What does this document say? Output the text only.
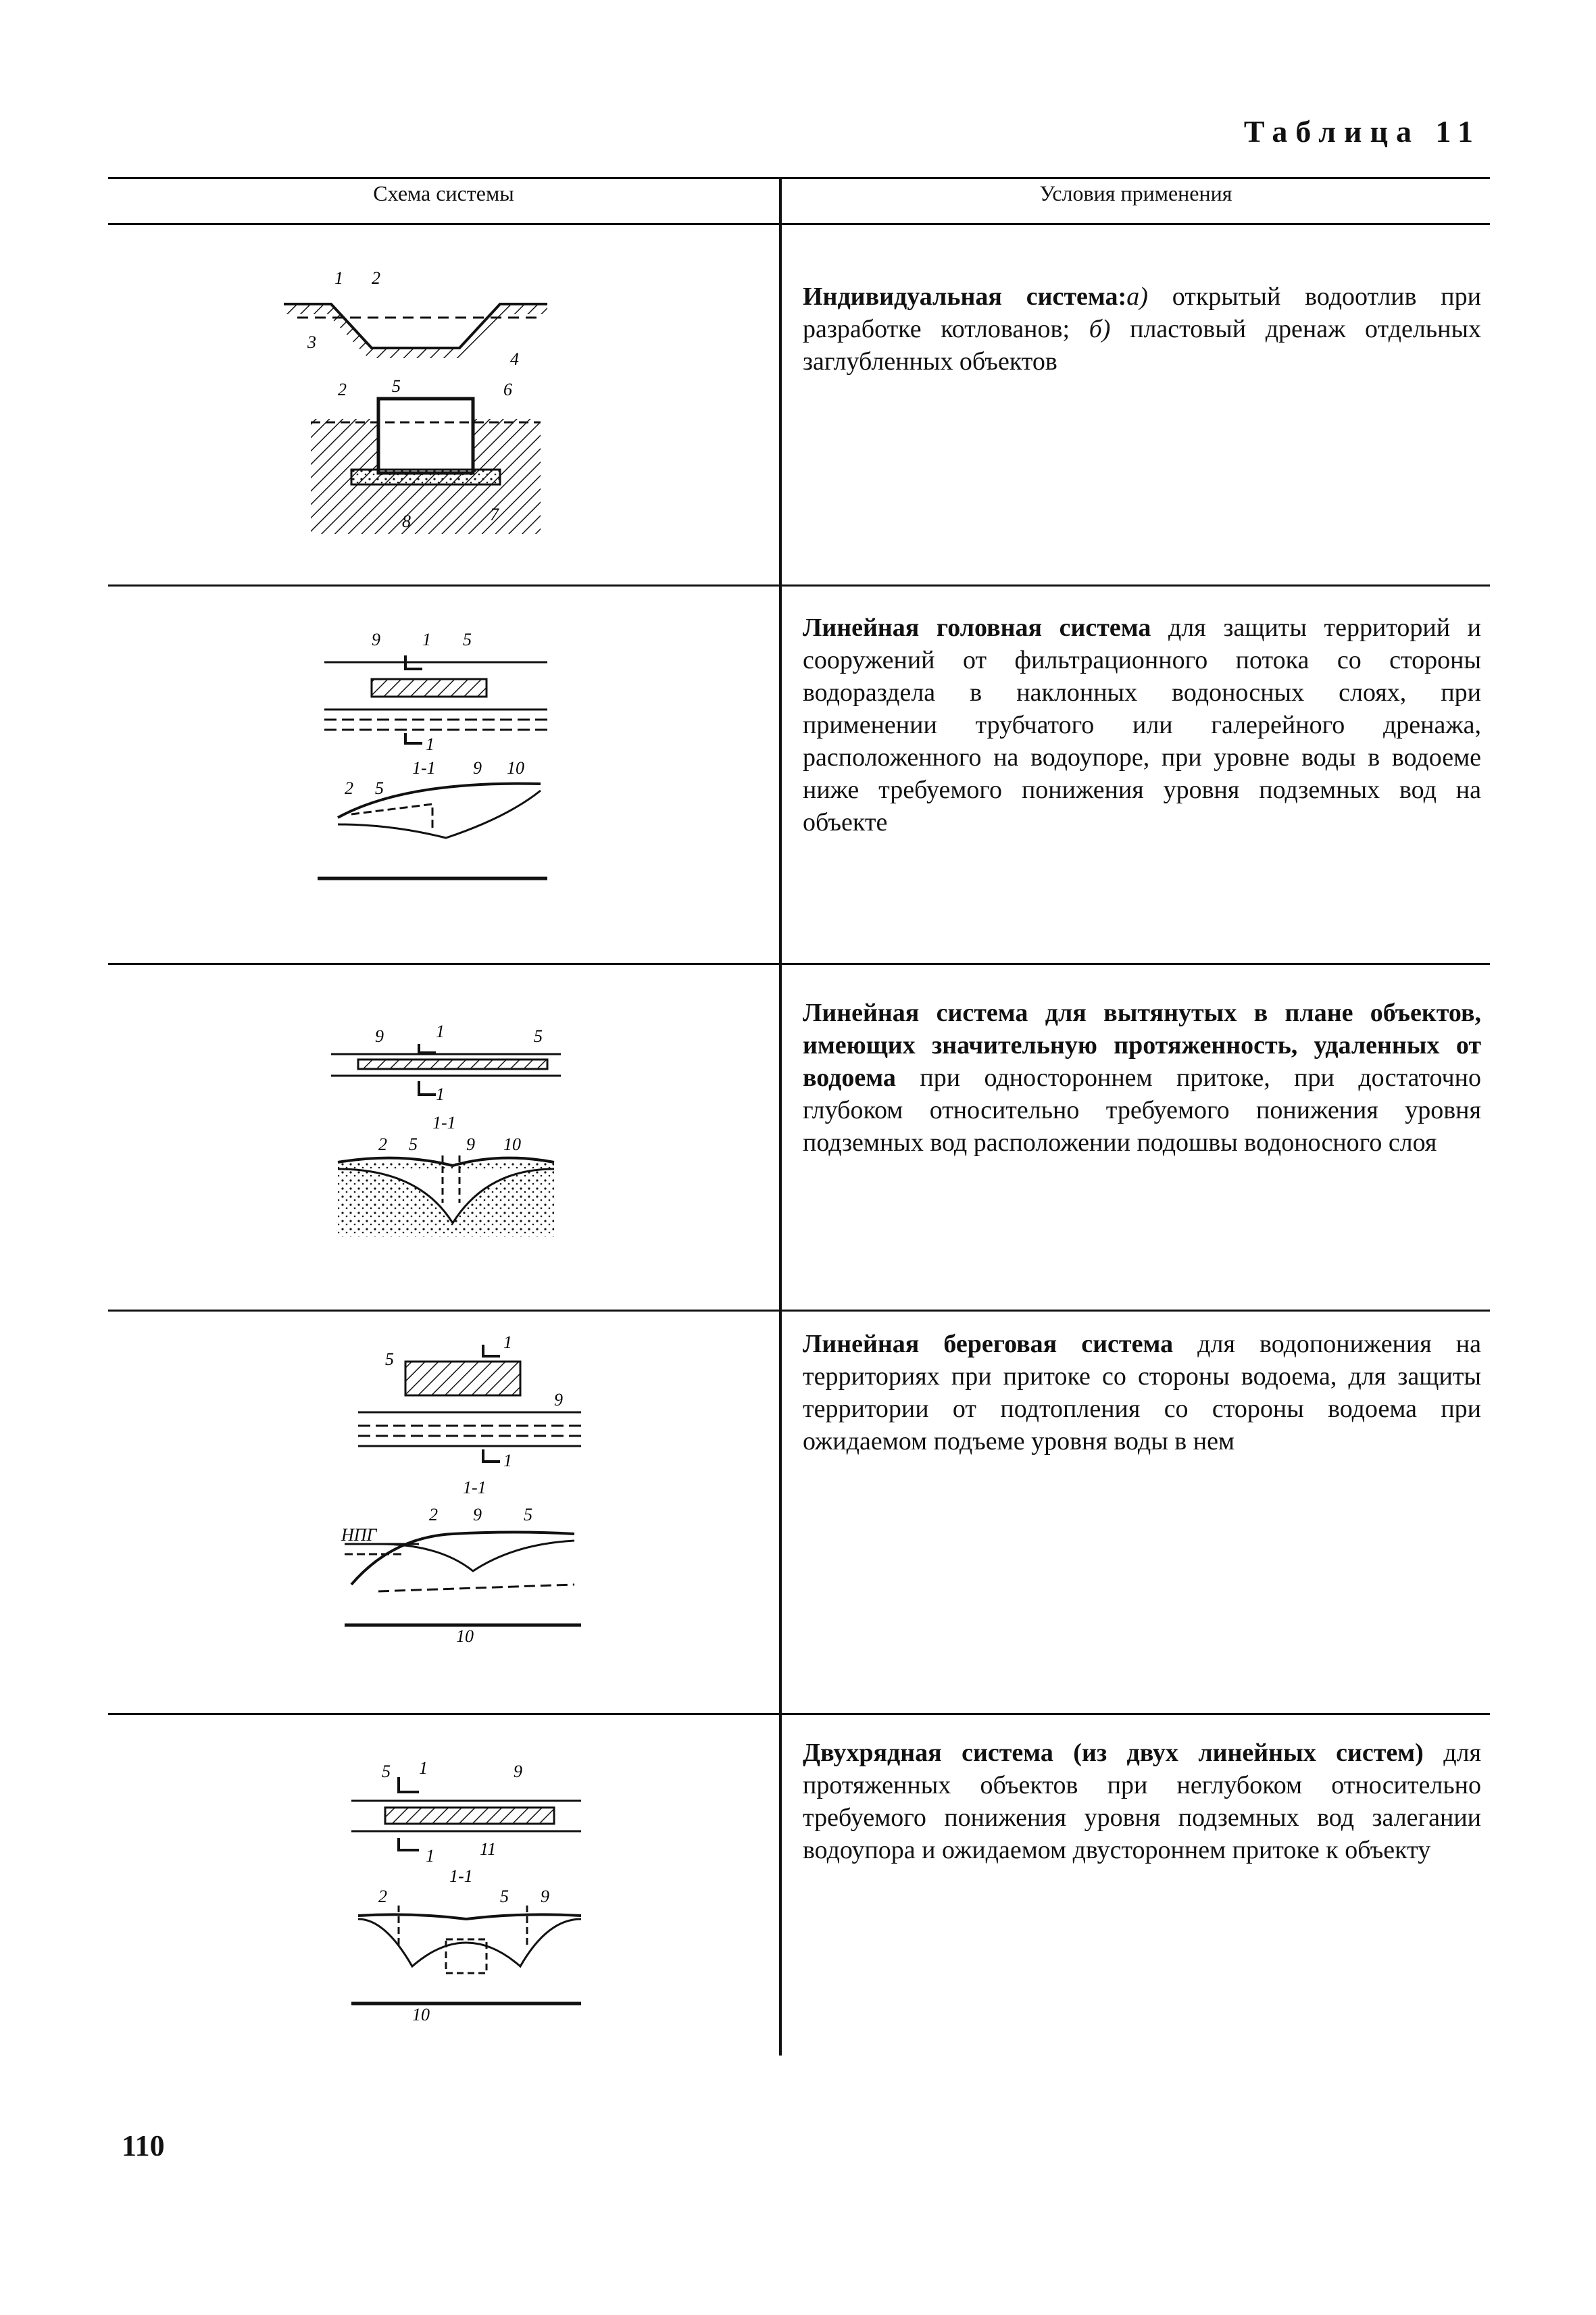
Таблица 11
Схема системы	Условия применения
Индивидуальная система:а) открытый водоотлив при разработке котлованов; б) пластовый дренаж отдельных заглубленных объектов
1 2
3
4
2	5	6
8	7
Линейная головная система для защиты территорий и сооружений от фильтрационного потока со стороны водораздела в наклонных водоносных слоях, при применении трубчатого или галерейного дренажа, расположенного на водоупоре, при уровне воды в водоеме ниже требуемого понижения уровня подземных вод на объекте
9 1 5
1
1-1
2 5
9 10
Линейная система для вытянутых в плане объектов, имеющих значительную протяженность, удаленных от водоема при одностороннем притоке, при достаточно глубоком относительно требуемого понижения уровня подземных вод расположении подошвы водоносного слоя
9	1	5
1
1-1
2 5	9 10
Линейная береговая система для водопонижения на территориях при притоке со стороны водоема, для защиты территории от подтопления со стороны водоема при ожидаемом подъеме уровня воды в нем
5
1
9
1
1-1
НПГ
2 9 5
10
Двухрядная система (из двух линейных систем) для протяженных объектов при неглубоком относительно требуемого понижения уровня подземных вод залегании водоупора и ожидаемом двустороннем притоке к объекту
5 1	9
11
1
1-1
2	5 9
10
110
